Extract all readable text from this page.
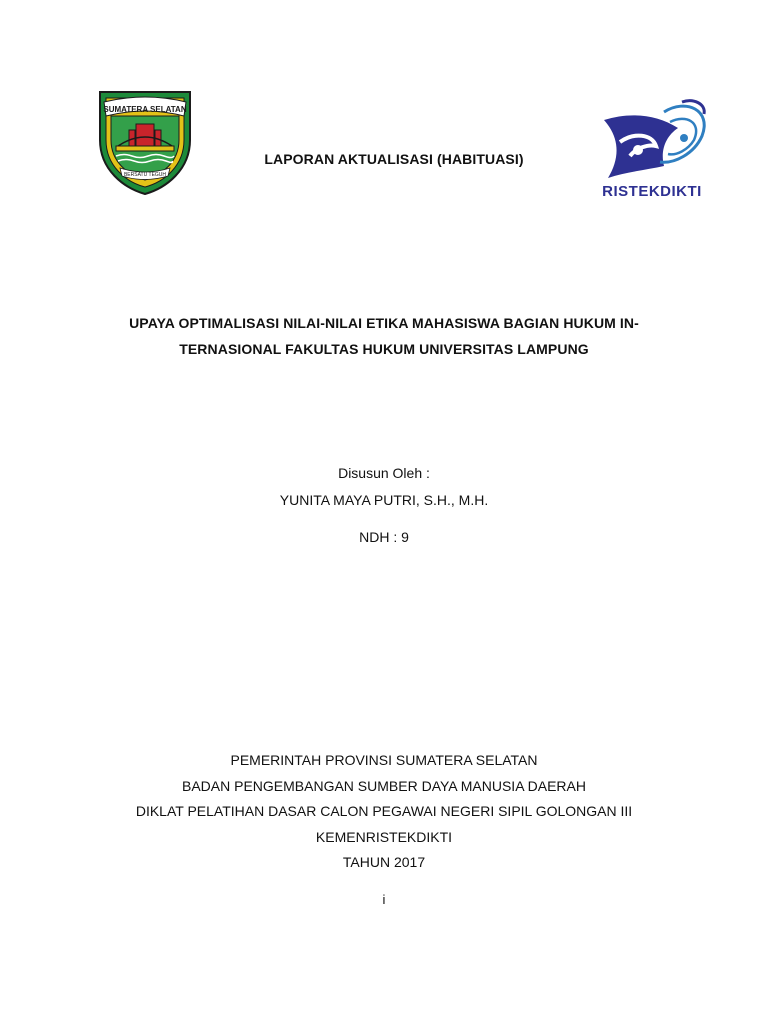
SUMATERA SELATAN
BERSATU TEGUH
RISTEKDIKTI
LAPORAN AKTUALISASI (HABITUASI)
UPAYA OPTIMALISASI NILAI-NILAI ETIKA MAHASISWA BAGIAN HUKUM IN-
TERNASIONAL FAKULTAS HUKUM UNIVERSITAS LAMPUNG
Disusun Oleh :
YUNITA MAYA PUTRI, S.H., M.H.
NDH : 9
PEMERINTAH PROVINSI SUMATERA SELATAN
BADAN PENGEMBANGAN SUMBER DAYA MANUSIA DAERAH
DIKLAT PELATIHAN DASAR CALON PEGAWAI NEGERI SIPIL GOLONGAN III
KEMENRISTEKDIKTI
TAHUN 2017
i
